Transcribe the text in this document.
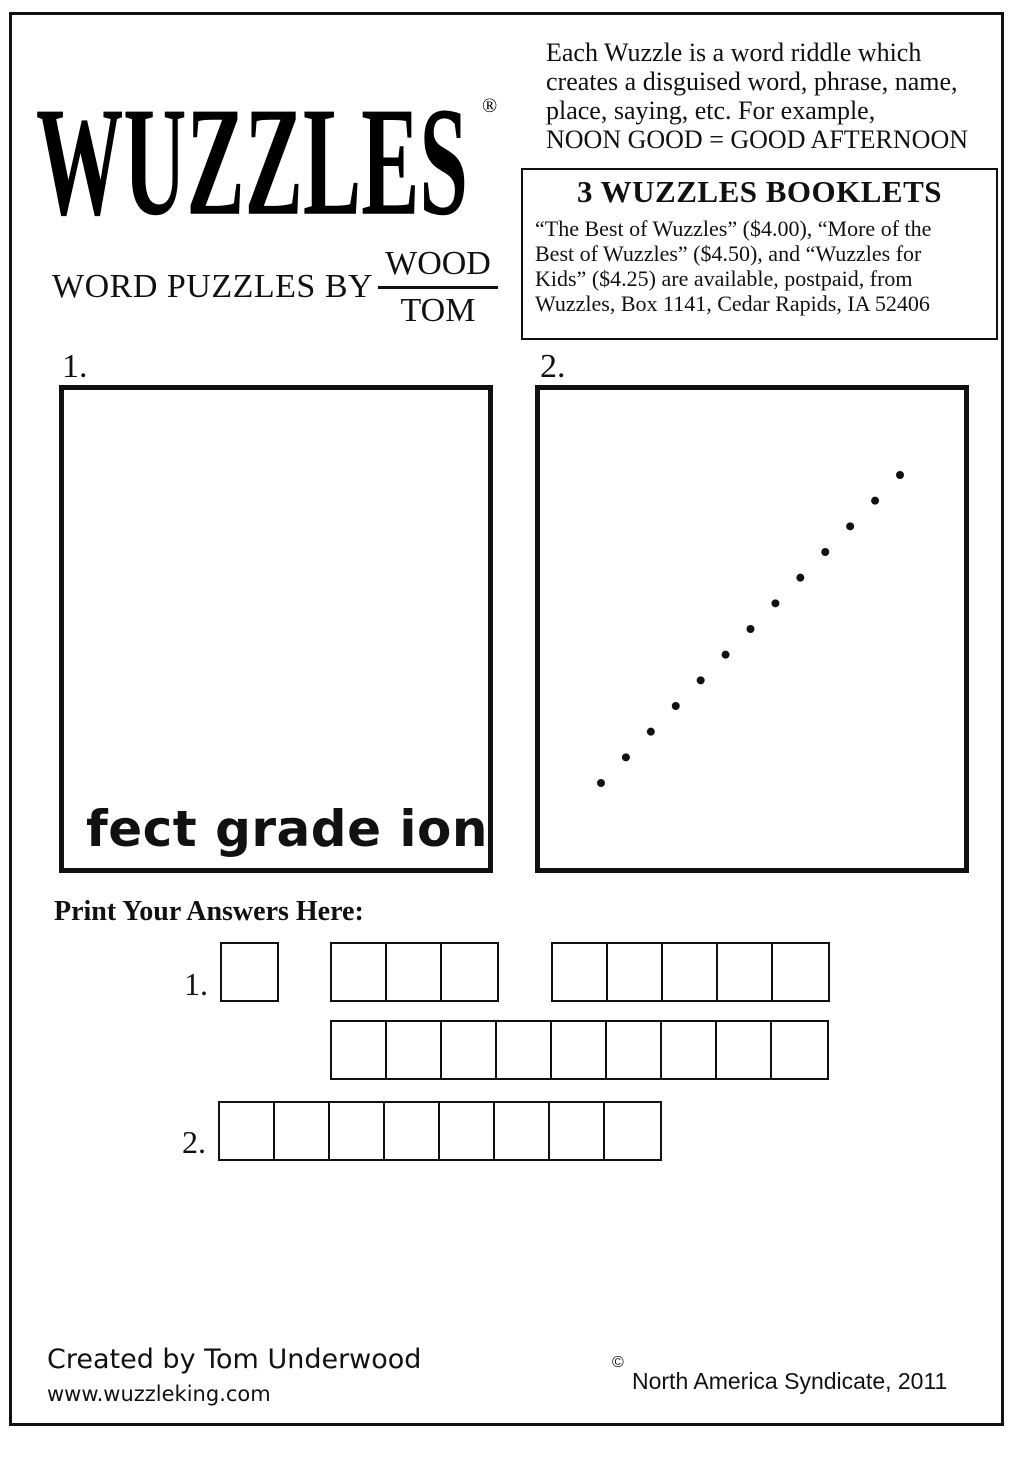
WUZZLES ®
WORD PUZZLES BY
WOOD
TOM
Each Wuzzle is a word riddle which
creates a disguised word, phrase, name,
place, saying, etc. For example,
NOON GOOD = GOOD AFTERNOON
3 WUZZLES BOOKLETS
“The Best of Wuzzles” ($4.00), “More of the
Best of Wuzzles” ($4.50), and “Wuzzles for
Kids” ($4.25) are available, postpaid, from
Wuzzles, Box 1141, Cedar Rapids, IA 52406
1.	2.
fect grade ion
Print Your Answers Here:
1.
2.
Created by Tom Underwood
www.wuzzleking.com
©
North America Syndicate, 2011
